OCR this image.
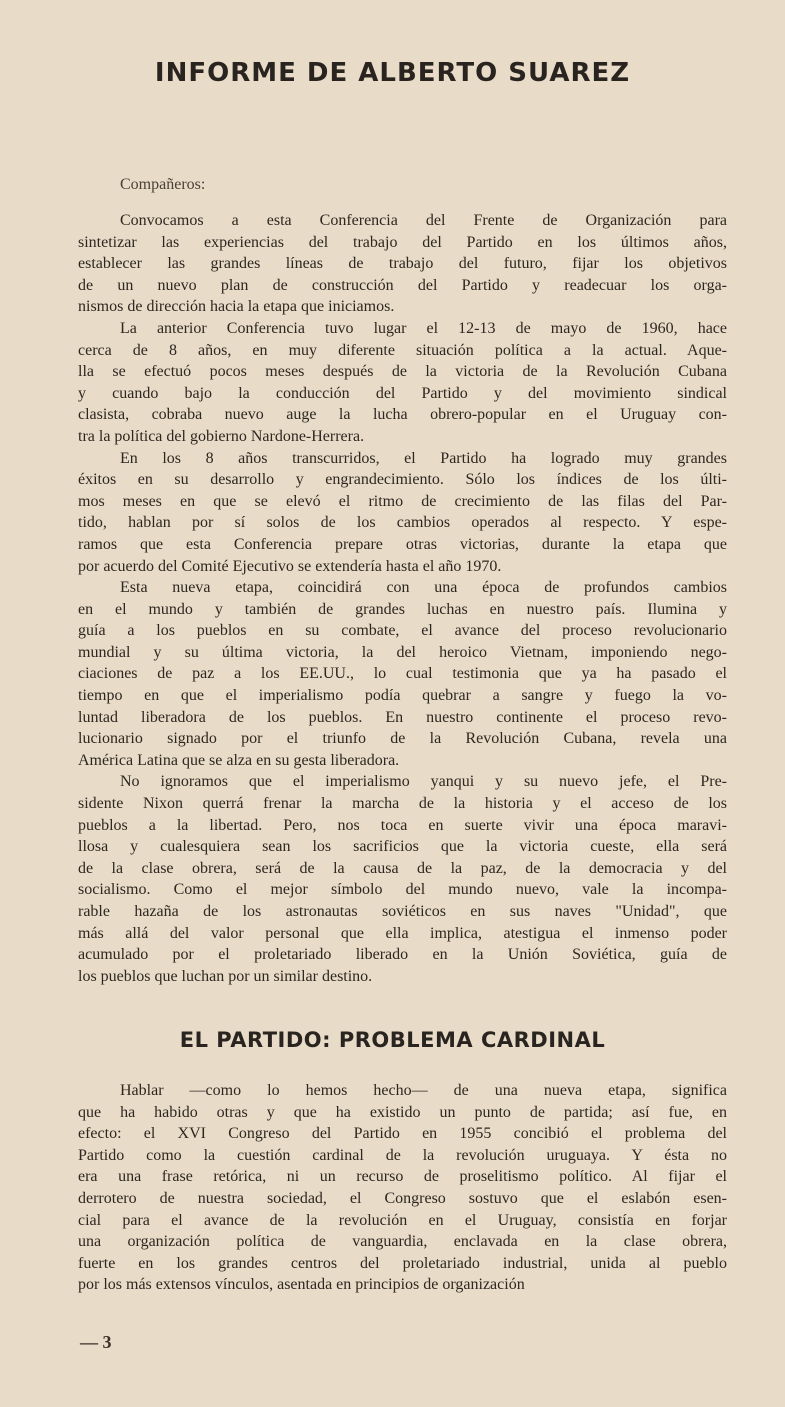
INFORME DE ALBERTO SUAREZ

Compañeros:

Convocamos a esta Conferencia del Frente de Organización para
sintetizar las experiencias del trabajo del Partido en los últimos años,
establecer las grandes líneas de trabajo del futuro, fijar los objetivos
de un nuevo plan de construcción del Partido y readecuar los orga-
nismos de dirección hacia la etapa que iniciamos.
La anterior Conferencia tuvo lugar el 12-13 de mayo de 1960, hace
cerca de 8 años, en muy diferente situación política a la actual. Aque-
lla se efectuó pocos meses después de la victoria de la Revolución Cubana
y cuando bajo la conducción del Partido y del movimiento sindical
clasista, cobraba nuevo auge la lucha obrero-popular en el Uruguay con-
tra la política del gobierno Nardone-Herrera.
En los 8 años transcurridos, el Partido ha logrado muy grandes
éxitos en su desarrollo y engrandecimiento. Sólo los índices de los últi-
mos meses en que se elevó el ritmo de crecimiento de las filas del Par-
tido, hablan por sí solos de los cambios operados al respecto. Y espe-
ramos que esta Conferencia prepare otras victorias, durante la etapa que
por acuerdo del Comité Ejecutivo se extendería hasta el año 1970.
Esta nueva etapa, coincidirá con una época de profundos cambios
en el mundo y también de grandes luchas en nuestro país. Ilumina y
guía a los pueblos en su combate, el avance del proceso revolucionario
mundial y su última victoria, la del heroico Vietnam, imponiendo nego-
ciaciones de paz a los EE.UU., lo cual testimonia que ya ha pasado el
tiempo en que el imperialismo podía quebrar a sangre y fuego la vo-
luntad liberadora de los pueblos. En nuestro continente el proceso revo-
lucionario signado por el triunfo de la Revolución Cubana, revela una
América Latina que se alza en su gesta liberadora.
No ignoramos que el imperialismo yanqui y su nuevo jefe, el Pre-
sidente Nixon querrá frenar la marcha de la historia y el acceso de los
pueblos a la libertad. Pero, nos toca en suerte vivir una época maravi-
llosa y cualesquiera sean los sacrificios que la victoria cueste, ella será
de la clase obrera, será de la causa de la paz, de la democracia y del
socialismo. Como el mejor símbolo del mundo nuevo, vale la incompa-
rable hazaña de los astronautas soviéticos en sus naves "Unidad", que
más allá del valor personal que ella implica, atestigua el inmenso poder
acumulado por el proletariado liberado en la Unión Soviética, guía de
los pueblos que luchan por un similar destino.

EL PARTIDO: PROBLEMA CARDINAL

Hablar —como lo hemos hecho— de una nueva etapa, significa
que ha habido otras y que ha existido un punto de partida; así fue, en
efecto: el XVI Congreso del Partido en 1955 concibió el problema del
Partido como la cuestión cardinal de la revolución uruguaya. Y ésta no
era una frase retórica, ni un recurso de proselitismo político. Al fijar el
derrotero de nuestra sociedad, el Congreso sostuvo que el eslabón esen-
cial para el avance de la revolución en el Uruguay, consistía en forjar
una organización política de vanguardia, enclavada en la clase obrera,
fuerte en los grandes centros del proletariado industrial, unida al pueblo
por los más extensos vínculos, asentada en principios de organización

— 3
